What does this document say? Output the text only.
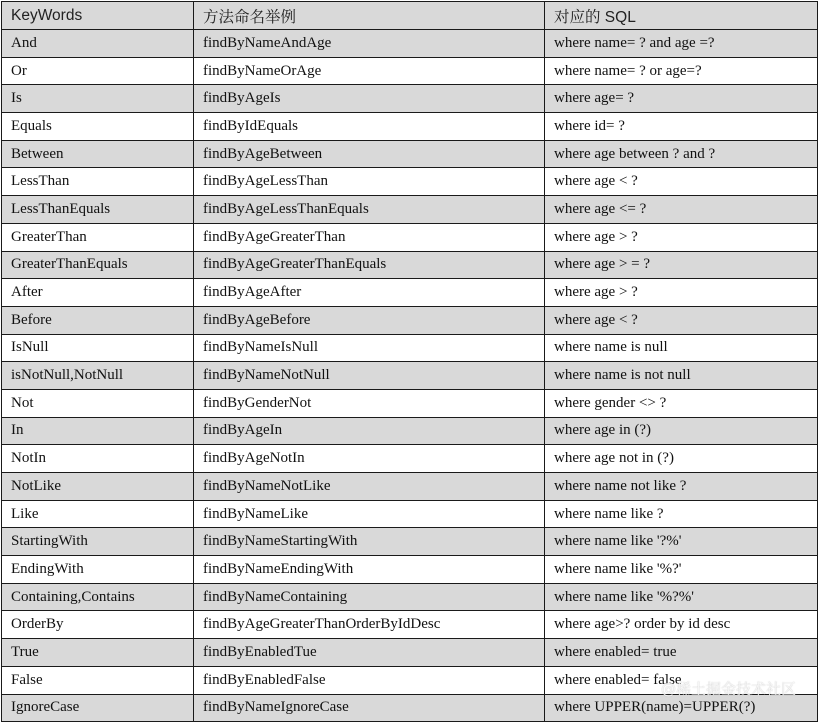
KeyWords	方法命名举例	对应的 SQL
And	findByNameAndAge	where name= ? and age =?
Or	findByNameOrAge	where name= ? or age=?
Is	findByAgeIs	where age= ?
Equals	findByIdEquals	where id= ?
Between	findByAgeBetween	where age between ? and ?
LessThan	findByAgeLessThan	where age < ?
LessThanEquals	findByAgeLessThanEquals	where age <= ?
GreaterThan	findByAgeGreaterThan	where age > ?
GreaterThanEquals	findByAgeGreaterThanEquals	where age > = ?
After	findByAgeAfter	where age > ?
Before	findByAgeBefore	where age < ?
IsNull	findByNameIsNull	where name is null
isNotNull,NotNull	findByNameNotNull	where name is not null
Not	findByGenderNot	where gender <> ?
In	findByAgeIn	where age in (?)
NotIn	findByAgeNotIn	where age not in (?)
NotLike	findByNameNotLike	where name not like ?
Like	findByNameLike	where name like ?
StartingWith	findByNameStartingWith	where name like '?%'
EndingWith	findByNameEndingWith	where name like '%?'
Containing,Contains	findByNameContaining	where name like '%?%'
OrderBy	findByAgeGreaterThanOrderByIdDesc	where age>? order by id desc
True	findByEnabledTue	where enabled= true
False	findByEnabledFalse	where enabled= false
IgnoreCase	findByNameIgnoreCase	where UPPER(name)=UPPER(?)
@稀土掘金技术社区
